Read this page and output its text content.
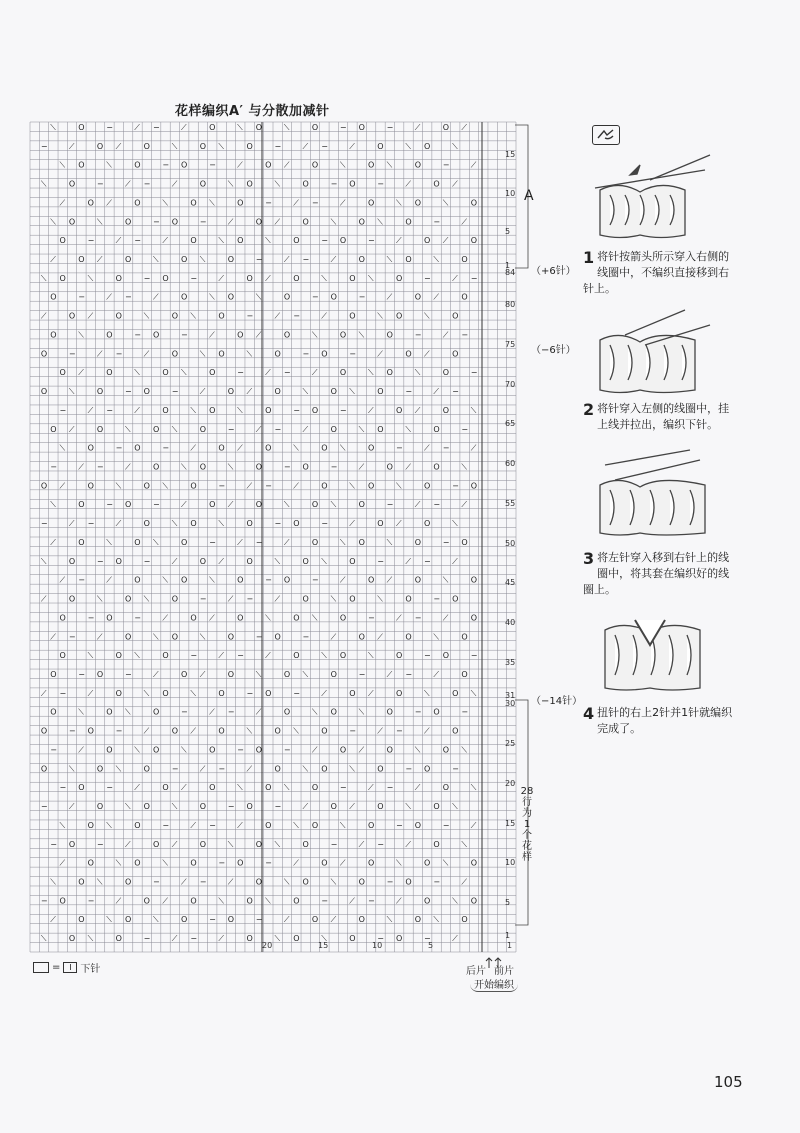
花样编织A′ 与分散加减针
⟍	O	−	⟋ −	⟋	O	⟍ O	⟍	O	− O	−	⟋	O ⟋
−	⟋	O ⟋	O	⟍	O ⟍	O	−	⟋ −	⟋	O	⟍ O	⟍
⟍ O	⟍	O	− O	−	⟋	O ⟋	O	⟍	O ⟍	O	−	⟋
⟍	O	−	⟋ −	⟋	O	⟍ O	⟍	O	− O	−	⟋	O ⟋
⟋	O ⟋	O	⟍	O ⟍	O	−	⟋ −	⟋	O	⟍ O	⟍	O
⟍ O	⟍	O	− O	−	⟋	O ⟋	O	⟍	O ⟍	O	−	⟋
O	−	⟋ −	⟋	O	⟍ O	⟍	O	− O	−	⟋	O ⟋	O
⟋	O ⟋	O	⟍	O ⟍	O	−	⟋ −	⟋	O	⟍ O	⟍	O
⟍ O	⟍	O	− O	−	⟋	O ⟋	O	⟍	O ⟍	O	−	⟋ −
O	−	⟋ −	⟋	O	⟍ O	⟍	O	− O	−	⟋	O ⟋	O
⟋	O ⟋	O	⟍	O ⟍	O	−	⟋ −	⟋	O	⟍ O	⟍	O
O	⟍	O	− O	−	⟋	O ⟋	O	⟍	O ⟍	O	−	⟋ −
O	−	⟋ −	⟋	O	⟍ O	⟍	O	− O	−	⟋	O ⟋	O
O ⟋	O	⟍	O ⟍	O	−	⟋ −	⟋	O	⟍ O	⟍	O	−
O	⟍	O	− O	−	⟋	O ⟋	O	⟍	O ⟍	O	−	⟋ −
−	⟋ −	⟋	O	⟍ O	⟍	O	− O	−	⟋	O ⟋	O	⟍
O ⟋	O	⟍	O ⟍	O	−	⟋ −	⟋	O	⟍ O	⟍	O	−
⟍	O	− O	−	⟋	O ⟋	O	⟍	O ⟍	O	−	⟋ −	⟋
−	⟋ −	⟋	O	⟍ O	⟍	O	− O	−	⟋	O ⟋	O	⟍
O ⟋	O	⟍	O ⟍	O	−	⟋ −	⟋	O	⟍ O	⟍	O	− O
⟍	O	− O	−	⟋	O ⟋	O	⟍	O ⟍	O	−	⟋ −	⟋
−	⟋ −	⟋	O	⟍ O	⟍	O	− O	−	⟋	O ⟋	O	⟍
⟋	O	⟍	O ⟍	O	−	⟋ −	⟋	O	⟍ O	⟍	O	− O
⟍	O	− O	−	⟋	O ⟋	O	⟍	O ⟍	O	−	⟋ −	⟋
⟋ −	⟋	O	⟍ O	⟍	O	− O	−	⟋	O ⟋	O	⟍	O
⟋	O	⟍	O ⟍	O	−	⟋ −	⟋	O	⟍ O	⟍	O	− O
O	− O	−	⟋	O ⟋	O	⟍	O ⟍	O	−	⟋ −	⟋	O
⟋ −	⟋	O	⟍ O	⟍	O	− O	−	⟋	O ⟋	O	⟍	O
O	⟍	O ⟍	O	−	⟋ −	⟋	O	⟍ O	⟍	O	− O	−
O	− O	−	⟋	O ⟋	O	⟍	O ⟍	O	−	⟋ −	⟋	O
⟋ −	⟋	O	⟍ O	⟍	O	− O	−	⟋	O ⟋	O	⟍	O ⟍
O	⟍	O ⟍	O	−	⟋ −	⟋	O	⟍ O	⟍	O	− O	−
O	− O	−	⟋	O ⟋	O	⟍	O ⟍	O	−	⟋ −	⟋	O
−	⟋	O	⟍ O	⟍	O	− O	−	⟋	O ⟋	O	⟍	O ⟍
O	⟍	O ⟍	O	−	⟋ −	⟋	O	⟍ O	⟍	O	− O	−
− O	−	⟋	O ⟋	O	⟍	O ⟍	O	−	⟋ −	⟋	O	⟍
−	⟋	O	⟍ O	⟍	O	− O	−	⟋	O ⟋	O	⟍	O ⟍
⟍	O ⟍	O	−	⟋ −	⟋	O	⟍ O	⟍	O	− O	−	⟋
− O	−	⟋	O ⟋	O	⟍	O ⟍	O	−	⟋ −	⟋	O	⟍
⟋	O	⟍ O	⟍	O	− O	−	⟋	O ⟋	O	⟍	O ⟍	O
⟍	O ⟍	O	−	⟋ −	⟋	O	⟍ O	⟍	O	− O	−	⟋
− O	−	⟋	O ⟋	O	⟍	O ⟍	O	−	⟋ −	⟋	O	⟍ O
⟋	O	⟍ O	⟍	O	− O	−	⟋	O ⟋	O	⟍	O ⟍	O
⟍	O ⟍	O	−	⟋ −	⟋	O	⟍ O	⟍	O	− O	−	⟋
15
10
5
1
84
80
75
70
65
60
55
50
45
40
35
31
30
25
20
15
10
5
1
20	15	10	5	1
A
（+6针）
（−6针）
（−14针）
28行为1个花样
=	I 下针	后片 前片
开始编织
1 将针按箭头所示穿入右侧的线圈中，不编织直接移到右针上。
2 将针穿入左侧的线圈中，挂上线并拉出，编织下针。
3 将左针穿入移到右针上的线圈中，将其套在编织好的线圈上。
4 扭针的右上2针并1针就编织完成了。
105
